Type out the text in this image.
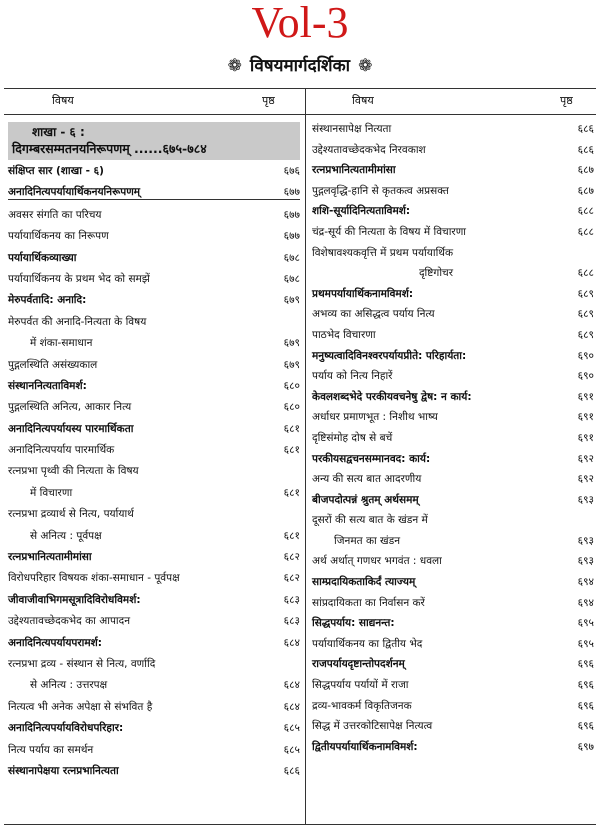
Vol-3
❁ विषयमार्गदर्शिका ❁
विषय	पृष्ठ	विषय	पृष्ठ
शाखा - ६ :
दिगम्बरसम्मतनयनिरूपणम् ......६७५-७८४
संक्षिप्त सार (शाखा - ६)	६७६
अनादिनित्यपर्यायार्थिकनयनिरूपणम्	६७७
अवसर संगति का परिचय	६७७
पर्यायार्थिकनय का निरूपण	६७७
पर्यायार्थिकव्याख्या	६७८
पर्यायार्थिकनय के प्रथम भेद को समझें	६७८
मेरुपर्वतादि: अनादि:	६७९
मेरुपर्वत की अनादि-नित्यता के विषय
में शंका-समाधान	६७९
पुद्गलस्थिति असंख्यकाल	६७९
संस्थाननित्यताविमर्श:	६८०
पुद्गलस्थिति अनित्य, आकार नित्य	६८०
अनादिनित्यपर्यायस्य पारमार्थिकता	६८१
अनादिनित्यपर्याय पारमार्थिक	६८१
रत्नप्रभा पृथ्वी की नित्यता के विषय
में विचारणा	६८१
रत्नप्रभा द्रव्यार्थ से नित्य, पर्यायार्थ
से अनित्य : पूर्वपक्ष	६८१
रत्नप्रभानित्यतामीमांसा	६८२
विरोधपरिहार विषयक शंका-समाधान - पूर्वपक्ष	६८२
जीवाजीवाभिगमसूत्रादिविरोधविमर्श:	६८३
उद्देश्यतावच्छेदकभेद का आपादन	६८३
अनादिनित्यपर्यायपरामर्श:	६८४
रत्नप्रभा द्रव्य - संस्थान से नित्य, वर्णादि
से अनित्य : उत्तरपक्ष	६८४
नित्यत्व भी अनेक अपेक्षा से संभवित है	६८४
अनादिनित्यपर्यायविरोधपरिहार:	६८५
नित्य पर्याय का समर्थन	६८५
संस्थानापेक्षया रत्नप्रभानित्यता	६८६
संस्थानसापेक्ष नित्यता	६८६
उद्देश्यतावच्छेदकभेद निरवकाश	६८६
रत्नप्रभानित्यतामीमांसा	६८७
पुद्गलवृद्धि-हानि से कृतकत्व अप्रसक्त	६८७
शशि-सूर्यादिनित्यताविमर्श:	६८८
चंद्र-सूर्य की नित्यता के विषय में विचारणा	६८८
विशेषावश्यकवृत्ति में प्रथम पर्यायार्थिक
दृष्टिगोचर	६८८
प्रथमपर्यायार्थिकनामविमर्श:	६८९
अभव्य का असिद्धत्व पर्याय नित्य	६८९
पाठभेद विचारणा	६८९
मनुष्यत्वादिविनश्वरपर्यायप्रीते: परिहार्यता:	६९०
पर्याय को नित्य निहारें	६९०
केवलशब्दभेदे परकीयवचनेषु द्वेष: न कार्य:	६९१
अर्धाधर प्रमाणभूत : निशीथ भाष्य	६९१
दृष्टिसंमोह दोष से बचें	६९१
परकीयसद्वचनसम्मानवद: कार्य:	६९२
अन्य की सत्य बात आदरणीय	६९२
बीजपदोत्पन्नं श्रुतम् अर्थसमम्	६९३
दूसरों की सत्य बात के खंडन में
जिनमत का खंडन	६९३
अर्थ अर्थात् गणधर भगवंत : धवला	६९३
साम्प्रदायिकताकिर्दं त्याज्यम्	६९४
सांप्रदायिकता का निर्वासन करें	६९४
सिद्धपर्याय: साद्यनन्त:	६९५
पर्यायार्थिकनय का द्वितीय भेद	६९५
राजपर्यायदृष्टान्तोपदर्शनम्	६९६
सिद्धपर्याय पर्यायों में राजा	६९६
द्रव्य-भावकर्म विकृतिजनक	६९६
सिद्ध में उत्तरकोटिसापेक्ष नित्यत्व	६९६
द्वितीयपर्यायार्थिकनामविमर्श:	६९७
